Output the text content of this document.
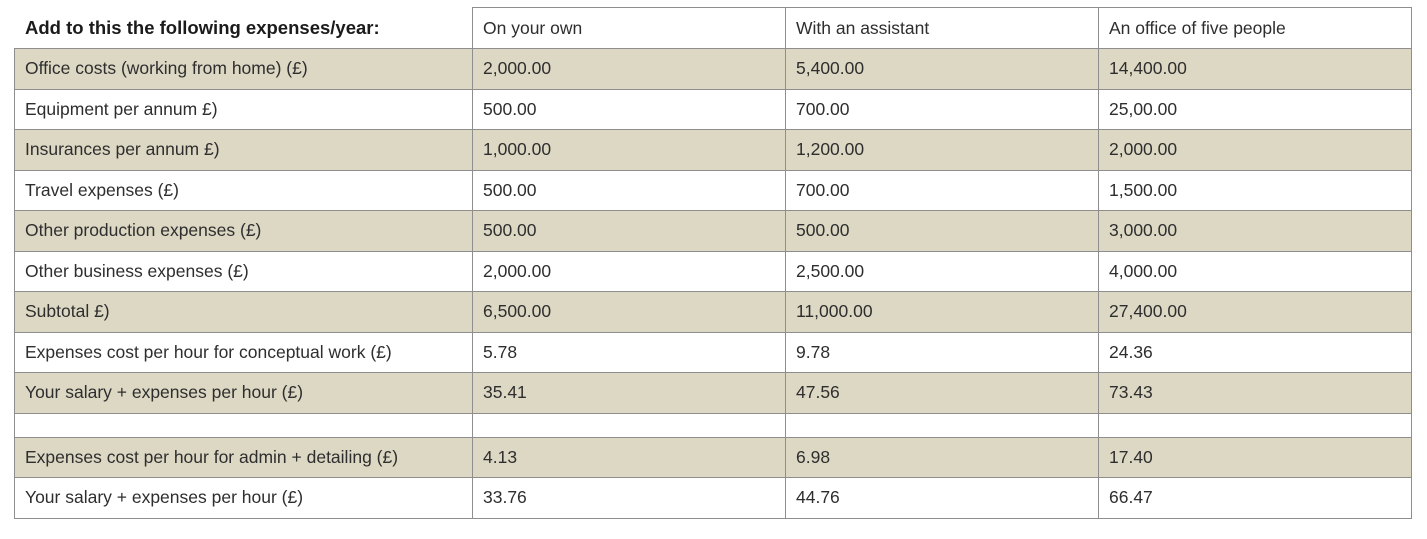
Add to this the following expenses/year:	On your own	With an assistant	An office of five people
Office costs (working from home) (£)	2,000.00	5,400.00	14,400.00
Equipment per annum £)	500.00	700.00	25,00.00
Insurances per annum £)	1,000.00	1,200.00	2,000.00
Travel expenses (£)	500.00	700.00	1,500.00
Other production expenses (£)	500.00	500.00	3,000.00
Other business expenses (£)	2,000.00	2,500.00	4,000.00
Subtotal £)	6,500.00	11,000.00	27,400.00
Expenses cost per hour for conceptual work (£)	5.78	9.78	24.36
Your salary + expenses per hour (£)	35.41	47.56	73.43

Expenses cost per hour for admin + detailing (£)	4.13	6.98	17.40
Your salary + expenses per hour (£)	33.76	44.76	66.47
